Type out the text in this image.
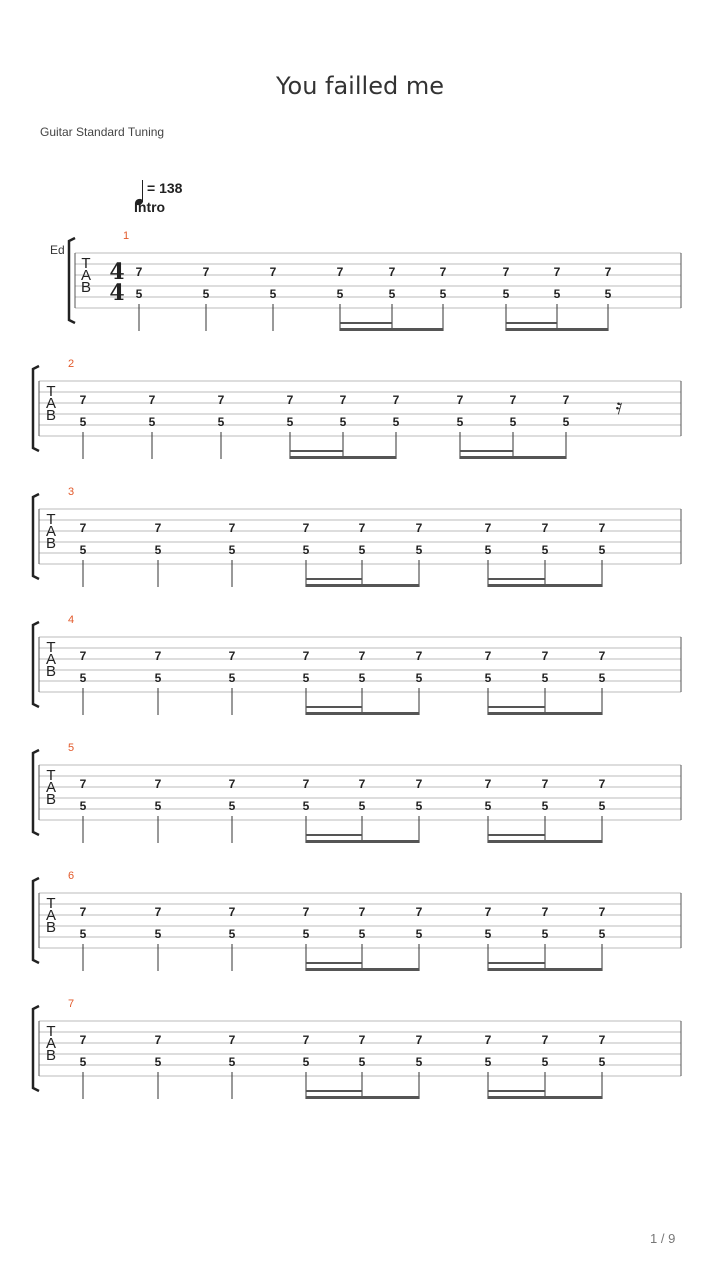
You failled me
Guitar Standard Tuning
= 138
Intro
Ed
T
A
B
4
4
1
7
5
7
5
7
5
7
5
7
5
7
5
7
5
7
5
7
5
T
A
B
2
7
5
7
5
7
5
7
5
7
5
7
5
7
5
7
5
7
5
𝄿
T
A
B
3
7
5
7
5
7
5
7
5
7
5
7
5
7
5
7
5
7
5
T
A
B
4
7
5
7
5
7
5
7
5
7
5
7
5
7
5
7
5
7
5
T
A
B
5
7
5
7
5
7
5
7
5
7
5
7
5
7
5
7
5
7
5
T
A
B
6
7
5
7
5
7
5
7
5
7
5
7
5
7
5
7
5
7
5
T
A
B
7
7
5
7
5
7
5
7
5
7
5
7
5
7
5
7
5
7
5
1 / 9
